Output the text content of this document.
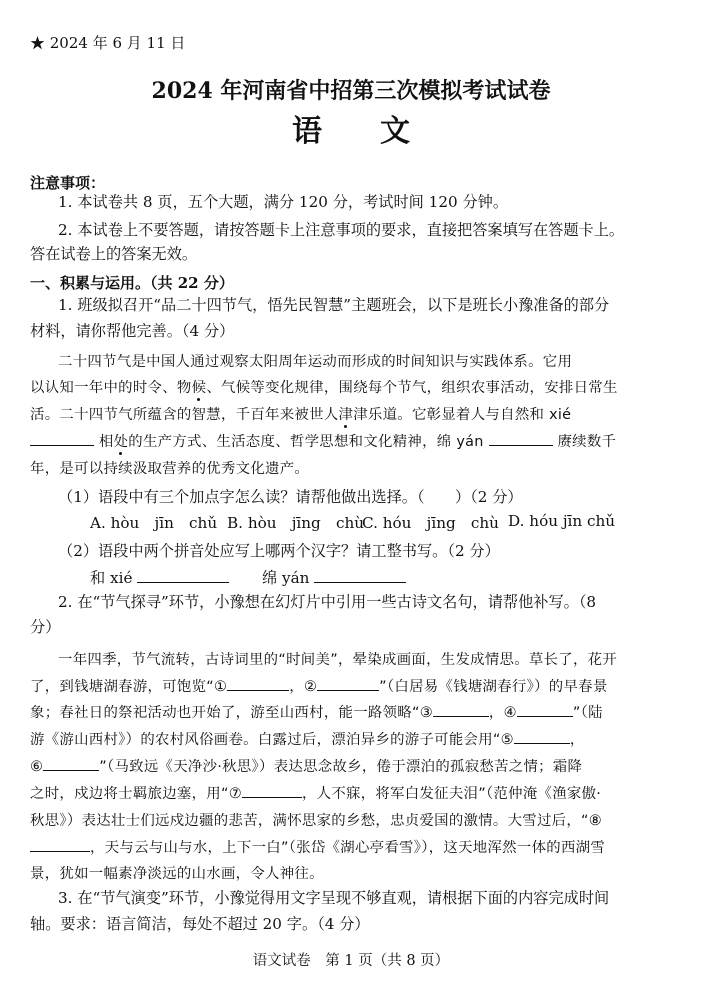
★ 2024 年 6 月 11 日
2024 年河南省中招第三次模拟考试试卷
语文
注意事项：
1. 本试卷共 8 页，五个大题，满分 120 分，考试时间 120 分钟。
2. 本试卷上不要答题，请按答题卡上注意事项的要求，直接把答案填写在答题卡上。
答在试卷上的答案无效。
一、积累与运用。（共 22 分）
1. 班级拟召开“品二十四节气，悟先民智慧”主题班会，以下是班长小豫准备的部分
材料，请你帮他完善。（4 分）
二十四节气是中国人通过观察太阳周年运动而形成的时间知识与实践体系。它用
以认知一年中的时令、物候、气候等变化规律，围绕每个节气，组织农事活动，安排日常生
活。二十四节气所蕴含的智慧，千百年来被世人津津乐道。它彰显着人与自然和 xié
相处的生产方式、生活态度、哲学思想和文化精神，绵 yán	赓续数千
年，是可以持续汲取营养的优秀文化遗产。
（1）语段中有三个加点字怎么读？请帮他做出选择。（　　）（2 分）
A. hòu　jīn　chǔ B. hòu　jīng　chù
C. hóu　jīng　chù D. hóu jīn chǔ
（2）语段中两个拼音处应写上哪两个汉字？请工整书写。（2 分）
和 xié	绵 yán
2. 在“节气探寻”环节，小豫想在幻灯片中引用一些古诗文名句，请帮他补写。（8
分）
一年四季，节气流转，古诗词里的“时间美”，晕染成画面，生发成情思。草长了，花开
了，到钱塘湖春游，可饱览“①	，②	”（白居易《钱塘湖春行》）的早春景
象；春社日的祭祀活动也开始了，游至山西村，能一路领略“③	，④	”（陆
游《游山西村》）的农村风俗画卷。白露过后，漂泊异乡的游子可能会用“⑤	，
⑥	”（马致远《天净沙·秋思》）表达思念故乡，倦于漂泊的孤寂愁苦之情；霜降
之时，戍边将士羁旅边塞，用“⑦	，人不寐，将军白发征夫泪”（范仲淹《渔家傲·
秋思》）表达壮士们远戍边疆的悲苦，满怀思家的乡愁，忠贞爱国的激情。大雪过后，“⑧
，天与云与山与水，上下一白”（张岱《湖心亭看雪》），这天地浑然一体的西湖雪
景，犹如一幅素净淡远的山水画，令人神往。
3. 在“节气演变”环节，小豫觉得用文字呈现不够直观，请根据下面的内容完成时间
轴。要求：语言简洁，每处不超过 20 字。（4 分）
语文试卷　第 1 页（共 8 页）
